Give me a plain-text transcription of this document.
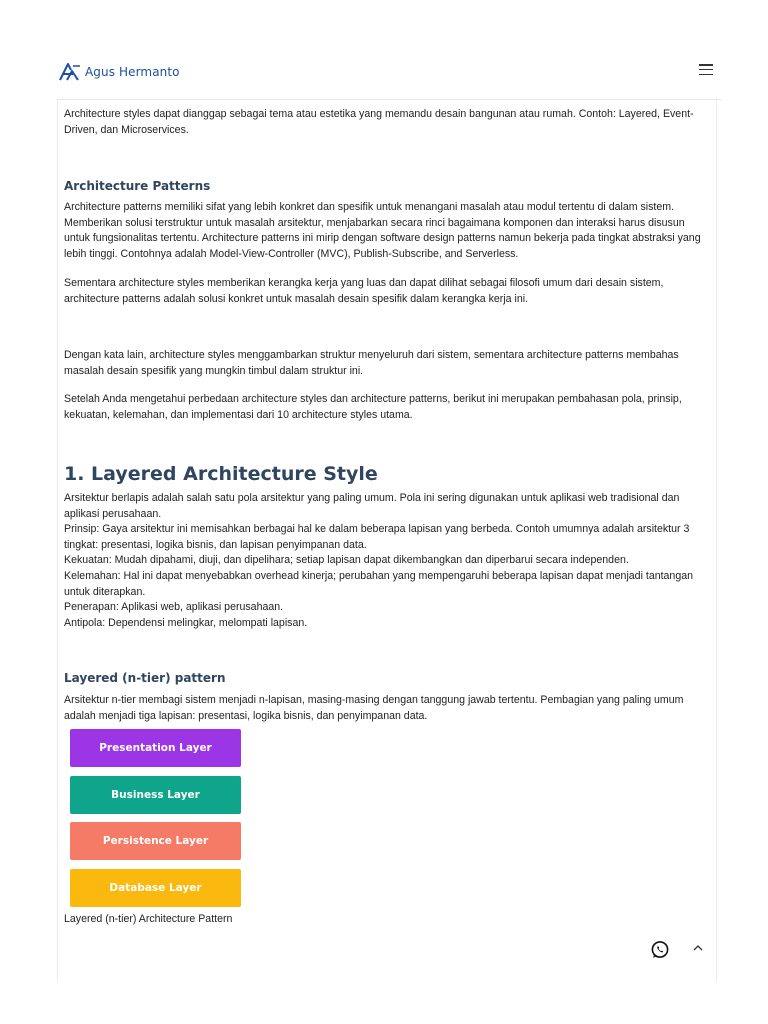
Agus Hermanto

Architecture styles dapat dianggap sebagai tema atau estetika yang memandu desain bangunan atau rumah. Contoh: Layered, Event-Driven, dan Microservices.

Architecture Patterns

Architecture patterns memiliki sifat yang lebih konkret dan spesifik untuk menangani masalah atau modul tertentu di dalam sistem. Memberikan solusi terstruktur untuk masalah arsitektur, menjabarkan secara rinci bagaimana komponen dan interaksi harus disusun untuk fungsionalitas tertentu. Architecture patterns ini mirip dengan software design patterns namun bekerja pada tingkat abstraksi yang lebih tinggi. Contohnya adalah Model-View-Controller (MVC), Publish-Subscribe, and Serverless.

Sementara architecture styles memberikan kerangka kerja yang luas dan dapat dilihat sebagai filosofi umum dari desain sistem, architecture patterns adalah solusi konkret untuk masalah desain spesifik dalam kerangka kerja ini.

Dengan kata lain, architecture styles menggambarkan struktur menyeluruh dari sistem, sementara architecture patterns membahas masalah desain spesifik yang mungkin timbul dalam struktur ini.

Setelah Anda mengetahui perbedaan architecture styles dan architecture patterns, berikut ini merupakan pembahasan pola, prinsip, kekuatan, kelemahan, dan implementasi dari 10 architecture styles utama.

1. Layered Architecture Style

Arsitektur berlapis adalah salah satu pola arsitektur yang paling umum. Pola ini sering digunakan untuk aplikasi web tradisional dan aplikasi perusahaan.

Prinsip: Gaya arsitektur ini memisahkan berbagai hal ke dalam beberapa lapisan yang berbeda. Contoh umumnya adalah arsitektur 3 tingkat: presentasi, logika bisnis, dan lapisan penyimpanan data.

Kekuatan: Mudah dipahami, diuji, dan dipelihara; setiap lapisan dapat dikembangkan dan diperbarui secara independen.

Kelemahan: Hal ini dapat menyebabkan overhead kinerja; perubahan yang mempengaruhi beberapa lapisan dapat menjadi tantangan untuk diterapkan.

Penerapan: Aplikasi web, aplikasi perusahaan.

Antipola: Dependensi melingkar, melompati lapisan.

Layered (n-tier) pattern

Arsitektur n-tier membagi sistem menjadi n-lapisan, masing-masing dengan tanggung jawab tertentu. Pembagian yang paling umum adalah menjadi tiga lapisan: presentasi, logika bisnis, dan penyimpanan data.

Presentation Layer
Business Layer
Persistence Layer
Database Layer

Layered (n-tier) Architecture Pattern
